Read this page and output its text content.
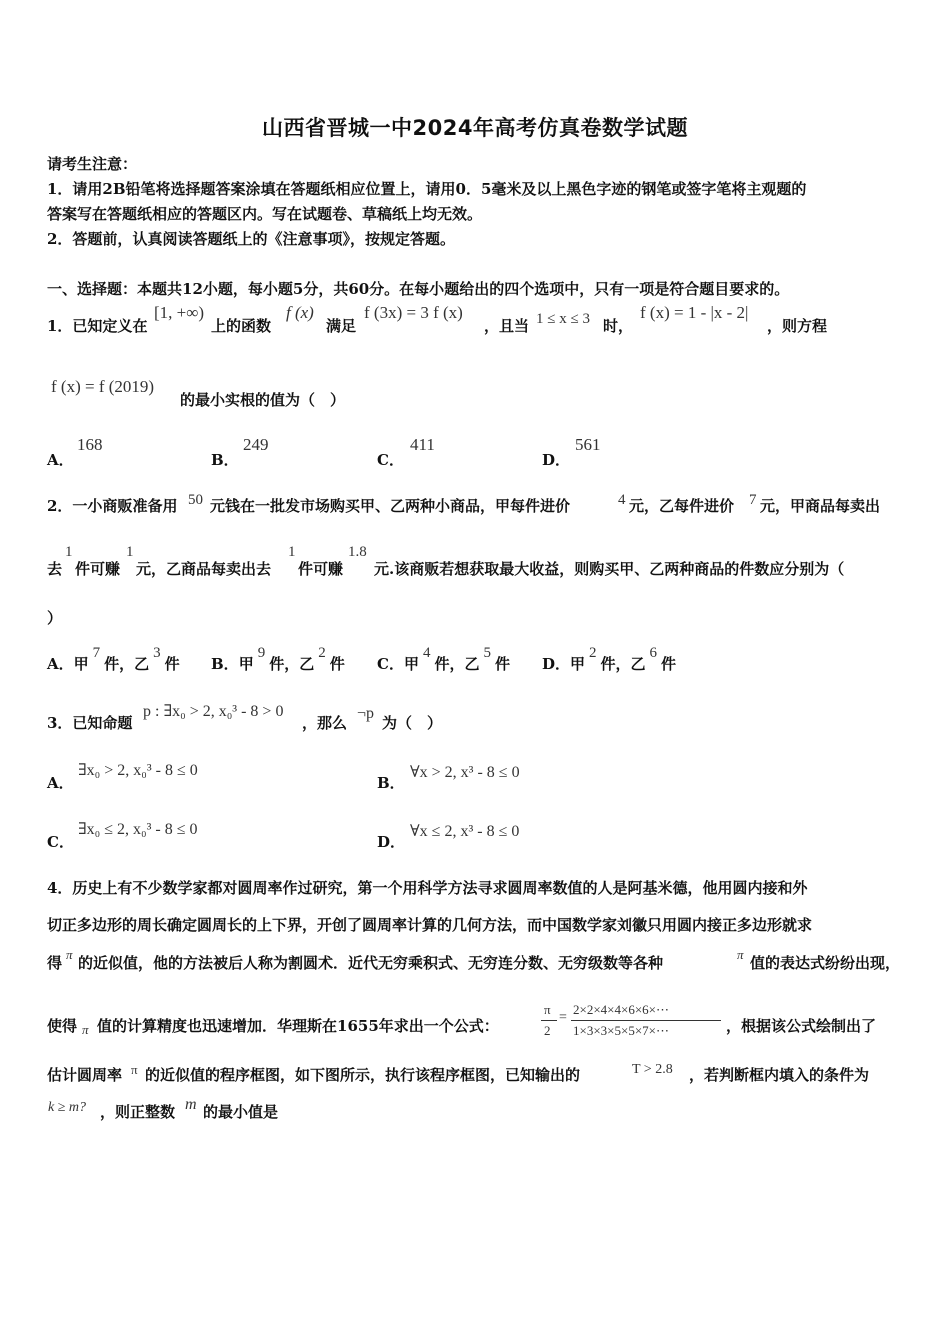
山西省晋城一中2024年高考仿真卷数学试题
请考生注意：
1．请用2B铅笔将选择题答案涂填在答题纸相应位置上，请用0．5毫米及以上黑色字迹的钢笔或签字笔将主观题的
答案写在答题纸相应的答题区内。写在试题卷、草稿纸上均无效。
2．答题前，认真阅读答题纸上的《注意事项》，按规定答题。
一、选择题：本题共12小题，每小题5分，共60分。在每小题给出的四个选项中，只有一项是符合题目要求的。
1．已知定义在
[1, +∞)
上的函数
f (x)
满足
f (3x) = 3 f (x)
，且当 1 ≤ x ≤ 3 时，
f (x) = 1 - |x - 2|
，则方程
f (x) = f (2019)
的最小实根的值为（　）
A．
168
B．
249
C．
411
D．
561
2．一小商贩准备用 50 元钱在一批发市场购买甲、乙两种小商品，甲每件进价	4 元，乙每件进价 7 元，甲商品每卖出
去
1
件可赚
1
元，乙商品每卖出去
1
件可赚
1.8
元.该商贩若想获取最大收益，则购买甲、乙两种商品的件数应分别为（
）
A．甲7件，乙3件 B．甲9件，乙2件 C．甲4件，乙5件 D．甲2件，乙6件
3．已知命题
p : ∃x₀ > 2, x₀³ - 8 > 0
，那么
¬p
为（　）
A．
∃x₀ > 2, x₀³ - 8 ≤ 0
B．
∀x > 2, x³ - 8 ≤ 0
C．
∃x₀ ≤ 2, x₀³ - 8 ≤ 0
D．
∀x ≤ 2, x³ - 8 ≤ 0
4．历史上有不少数学家都对圆周率作过研究，第一个用科学方法寻求圆周率数值的人是阿基米德，他用圆内接和外
切正多边形的周长确定圆周长的上下界，开创了圆周率计算的几何方法，而中国数学家刘徽只用圆内接正多边形就求
得 π 的近似值，他的方法被后人称为割圆术．近代无穷乘积式、无穷连分数、无穷级数等各种	π 值的表达式纷纷出现，
使得 π 值的计算精度也迅速增加．华理斯在1655年求出一个公式：
π
2
=
2×2×4×4×6×6×⋯
1×3×3×5×5×7×⋯	，根据该公式绘制出了
估计圆周率 π 的近似值的程序框图，如下图所示，执行该程序框图，已知输出的	T > 2.8 ，若判断框内填入的条件为
k ≥ m? ，则正整数 m 的最小值是
